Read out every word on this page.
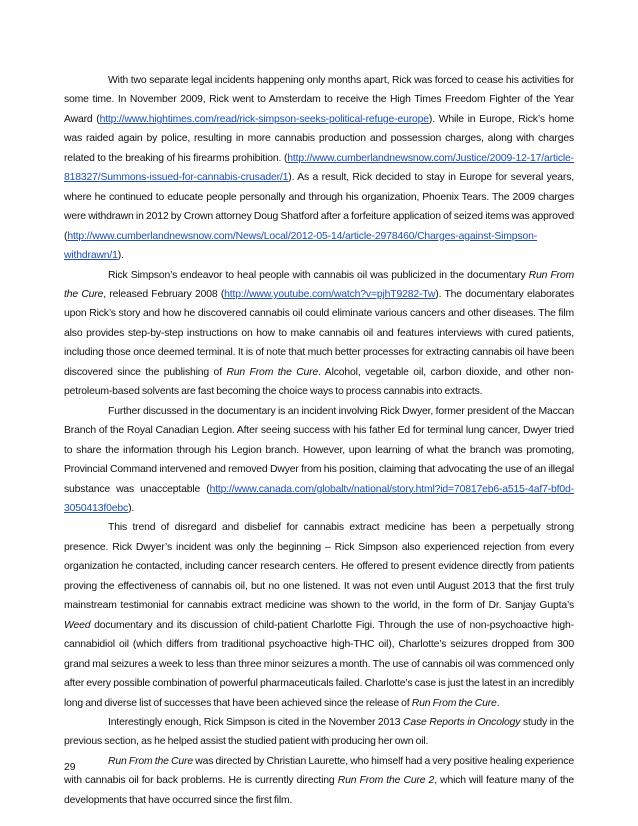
With two separate legal incidents happening only months apart, Rick was forced to cease his activities for some time. In November 2009, Rick went to Amsterdam to receive the High Times Freedom Fighter of the Year Award (http://www.hightimes.com/read/rick-simpson-seeks-political-refuge-europe). While in Europe, Rick’s home was raided again by police, resulting in more cannabis production and possession charges, along with charges related to the breaking of his firearms prohibition. (http://www.cumberlandnewsnow.com/Justice/2009-12-17/article-818327/Summons-issued-for-cannabis-crusader/1). As a result, Rick decided to stay in Europe for several years, where he continued to educate people personally and through his organization, Phoenix Tears. The 2009 charges were withdrawn in 2012 by Crown attorney Doug Shatford after a forfeiture application of seized items was approved (http://www.cumberlandnewsnow.com/News/Local/2012-05-14/article-2978460/Charges-against-Simpson-withdrawn/1).

Rick Simpson’s endeavor to heal people with cannabis oil was publicized in the documentary Run From the Cure, released February 2008 (http://www.youtube.com/watch?v=pjhT9282-Tw). The documentary elaborates upon Rick’s story and how he discovered cannabis oil could eliminate various cancers and other diseases. The film also provides step-by-step instructions on how to make cannabis oil and features interviews with cured patients, including those once deemed terminal. It is of note that much better processes for extracting cannabis oil have been discovered since the publishing of Run From the Cure. Alcohol, vegetable oil, carbon dioxide, and other non-petroleum-based solvents are fast becoming the choice ways to process cannabis into extracts.

Further discussed in the documentary is an incident involving Rick Dwyer, former president of the Maccan Branch of the Royal Canadian Legion. After seeing success with his father Ed for terminal lung cancer, Dwyer tried to share the information through his Legion branch. However, upon learning of what the branch was promoting, Provincial Command intervened and removed Dwyer from his position, claiming that advocating the use of an illegal substance was unacceptable (http://www.canada.com/globaltv/national/story.html?id=70817eb6-a515-4af7-bf0d-3050413f0ebc).

This trend of disregard and disbelief for cannabis extract medicine has been a perpetually strong presence. Rick Dwyer’s incident was only the beginning – Rick Simpson also experienced rejection from every organization he contacted, including cancer research centers. He offered to present evidence directly from patients proving the effectiveness of cannabis oil, but no one listened. It was not even until August 2013 that the first truly mainstream testimonial for cannabis extract medicine was shown to the world, in the form of Dr. Sanjay Gupta’s Weed documentary and its discussion of child-patient Charlotte Figi. Through the use of non-psychoactive high-cannabidiol oil (which differs from traditional psychoactive high-THC oil), Charlotte’s seizures dropped from 300 grand mal seizures a week to less than three minor seizures a month. The use of cannabis oil was commenced only after every possible combination of powerful pharmaceuticals failed. Charlotte’s case is just the latest in an incredibly long and diverse list of successes that have been achieved since the release of Run From the Cure.

Interestingly enough, Rick Simpson is cited in the November 2013 Case Reports in Oncology study in the previous section, as he helped assist the studied patient with producing her own oil.

Run From the Cure was directed by Christian Laurette, who himself had a very positive healing experience with cannabis oil for back problems. He is currently directing Run From the Cure 2, which will feature many of the developments that have occurred since the first film.

29
